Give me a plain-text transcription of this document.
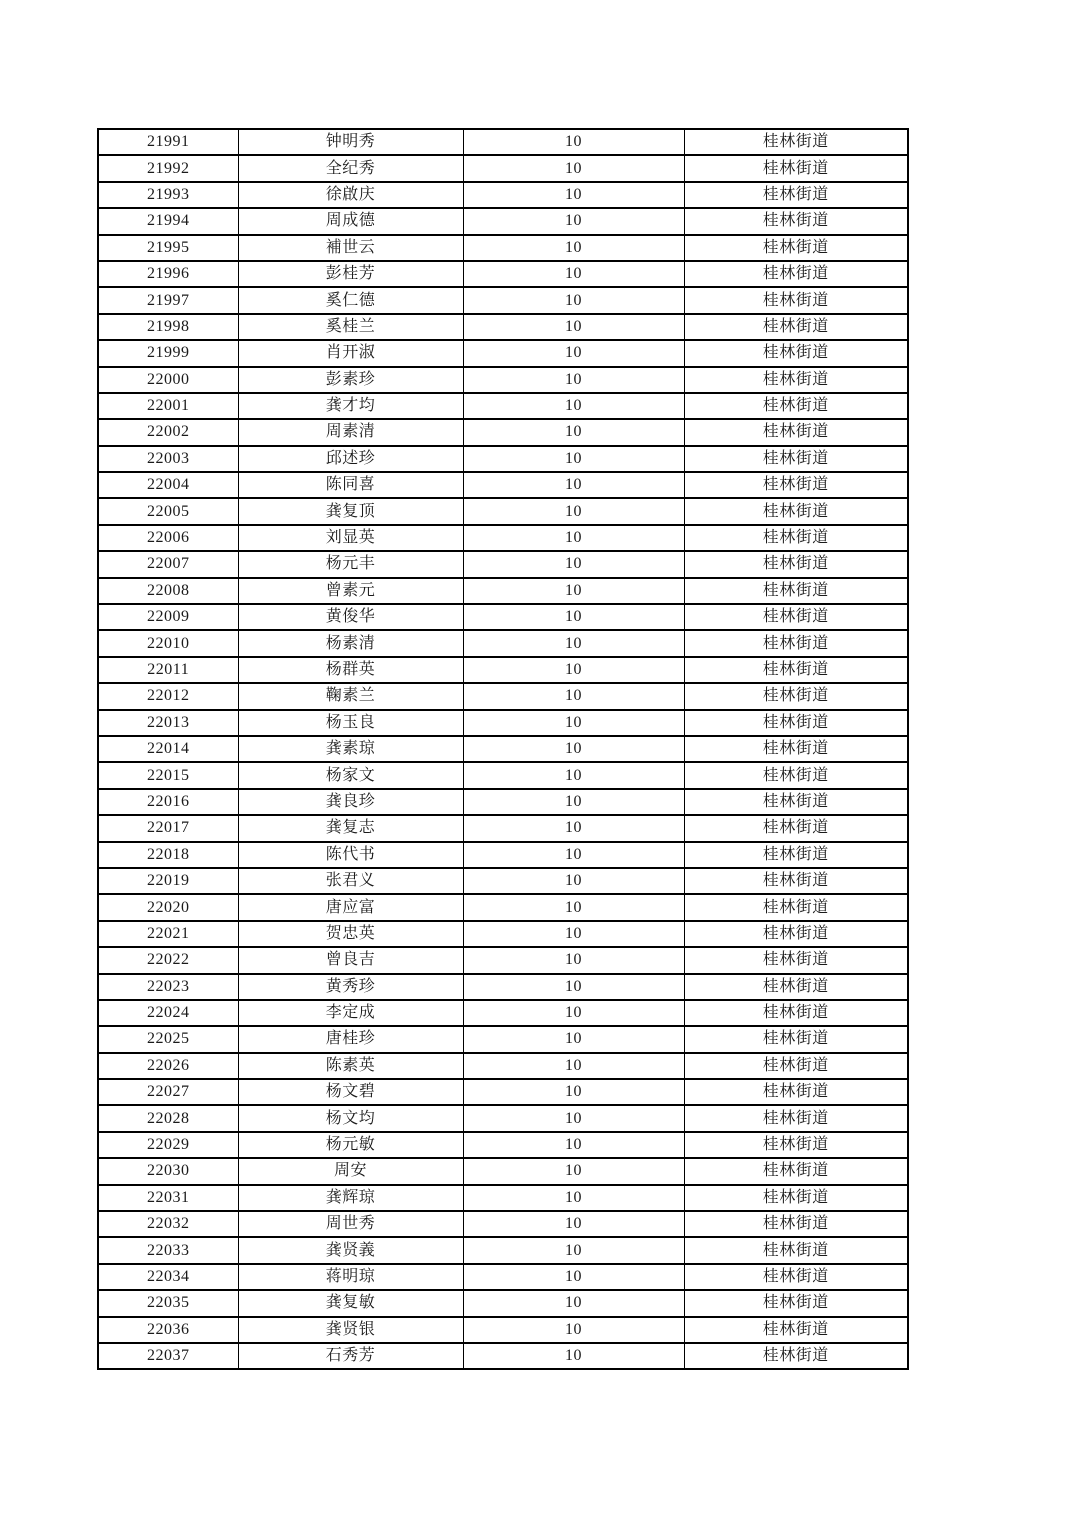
21991	钟明秀	10	桂林街道
21992	全纪秀	10	桂林街道
21993	徐啟庆	10	桂林街道
21994	周成德	10	桂林街道
21995	補世云	10	桂林街道
21996	彭桂芳	10	桂林街道
21997	奚仁德	10	桂林街道
21998	奚桂兰	10	桂林街道
21999	肖开淑	10	桂林街道
22000	彭素珍	10	桂林街道
22001	龚才均	10	桂林街道
22002	周素清	10	桂林街道
22003	邱述珍	10	桂林街道
22004	陈同喜	10	桂林街道
22005	龚复顶	10	桂林街道
22006	刘显英	10	桂林街道
22007	杨元丰	10	桂林街道
22008	曾素元	10	桂林街道
22009	黄俊华	10	桂林街道
22010	杨素清	10	桂林街道
22011	杨群英	10	桂林街道
22012	鞠素兰	10	桂林街道
22013	杨玉良	10	桂林街道
22014	龚素琼	10	桂林街道
22015	杨家文	10	桂林街道
22016	龚良珍	10	桂林街道
22017	龚复志	10	桂林街道
22018	陈代书	10	桂林街道
22019	张君义	10	桂林街道
22020	唐应富	10	桂林街道
22021	贺忠英	10	桂林街道
22022	曾良吉	10	桂林街道
22023	黄秀珍	10	桂林街道
22024	李定成	10	桂林街道
22025	唐桂珍	10	桂林街道
22026	陈素英	10	桂林街道
22027	杨文碧	10	桂林街道
22028	杨文均	10	桂林街道
22029	杨元敏	10	桂林街道
22030	周安	10	桂林街道
22031	龚辉琼	10	桂林街道
22032	周世秀	10	桂林街道
22033	龚贤義	10	桂林街道
22034	蒋明琼	10	桂林街道
22035	龚复敏	10	桂林街道
22036	龚贤银	10	桂林街道
22037	石秀芳	10	桂林街道
